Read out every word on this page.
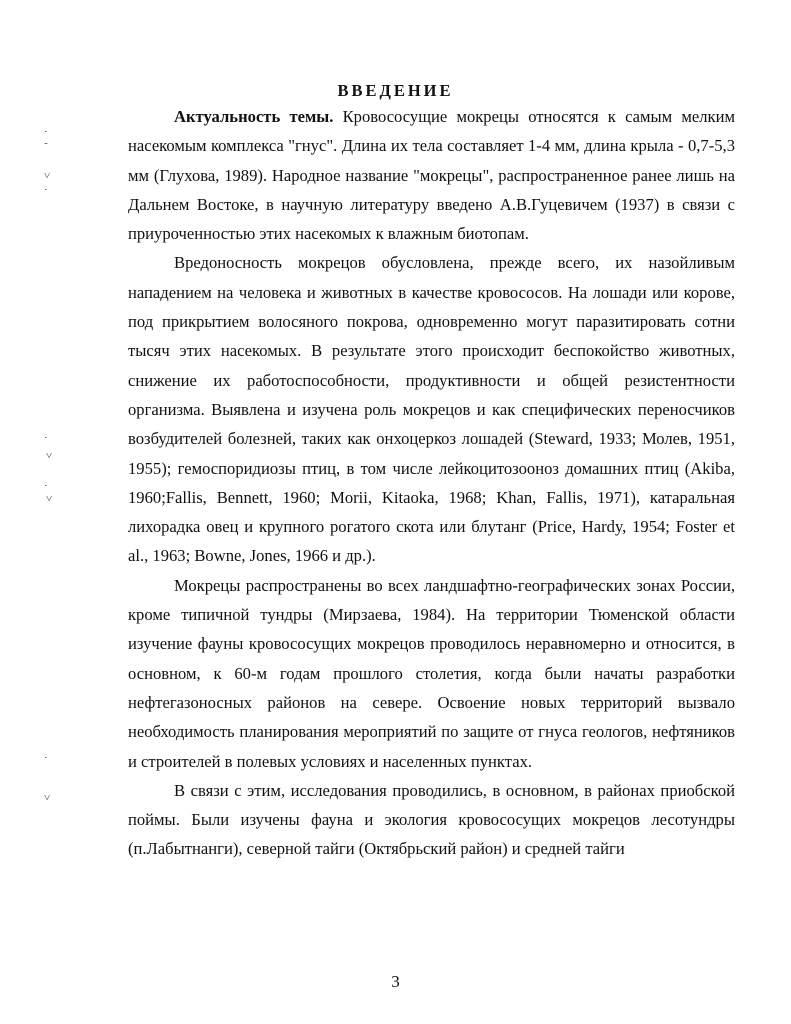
·
˜
˅
·
·
˅
·
˅
·
˅
ВВЕДЕНИЕ

Актуальность темы. Кровососущие мокрецы относятся к самым мелким насекомым комплекса "гнус". Длина их тела составляет 1-4 мм, длина крыла - 0,7-5,3 мм (Глухова, 1989). Народное название "мокрецы", распространенное ранее лишь на Дальнем Востоке, в научную литературу введено А.В.Гуцевичем (1937) в связи с приуроченностью этих насекомых к влажным биотопам.

Вредоносность мокрецов обусловлена, прежде всего, их назойливым нападением на человека и животных в качестве кровососов. На лошади или корове, под прикрытием волосяного покрова, одновременно могут паразитировать сотни тысяч этих насекомых. В результате этого происходит беспокойство животных, снижение их работоспособности, продуктивности и общей резистентности организма. Выявлена и изучена роль мокрецов и как специфических переносчиков возбудителей болезней, таких как онхоцеркоз лошадей (Steward, 1933; Молев, 1951, 1955); гемоспоридиозы птиц, в том числе лейкоцитозооноз домашних птиц (Akiba, 1960;Fallis, Bennett, 1960; Morii, Kitaoka, 1968; Khan, Fallis, 1971), катаральная лихорадка овец и крупного рогатого скота или блутанг (Price, Hardy, 1954; Foster et al., 1963; Bowne, Jones, 1966 и др.).

Мокрецы распространены во всех ландшафтно-географических зонах России, кроме типичной тундры (Мирзаева, 1984). На территории Тюменской области изучение фауны кровососущих мокрецов проводилось неравномерно и относится, в основном, к 60-м годам прошлого столетия, когда были начаты разработки нефтегазоносных районов на севере. Освоение новых территорий вызвало необходимость планирования мероприятий по защите от гнуса геологов, нефтяников и строителей в полевых условиях и населенных пунктах.

В связи с этим, исследования проводились, в основном, в районах приобской поймы. Были изучены фауна и экология кровососущих мокрецов лесотундры (п.Лабытнанги), северной тайги (Октябрьский район) и средней тайги

3
